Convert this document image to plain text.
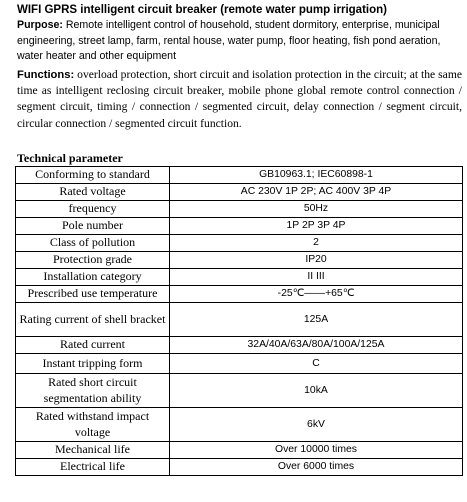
WIFI GPRS intelligent circuit breaker (remote water pump irrigation)
Purpose: Remote intelligent control of household, student dormitory, enterprise, municipal engineering, street lamp, farm, rental house, water pump, floor heating, fish pond aeration, water heater and other equipment
Functions: overload protection, short circuit and isolation protection in the circuit; at the same time as intelligent reclosing circuit breaker, mobile phone global remote control connection / segment circuit, timing / connection / segmented circuit, delay connection / segment circuit, circular connection / segmented circuit function.
Technical parameter
Conforming to standard	GB10963.1; IEC60898-1
Rated voltage	AC 230V 1P 2P; AC 400V 3P 4P
frequency	50Hz
Pole number	1P 2P 3P 4P
Class of pollution	2
Protection grade	IP20
Installation category	II III
Prescribed use temperature	-25℃——+65℃
Rating current of shell bracket	125A
Rated current	32A/40A/63A/80A/100A/125A
Instant tripping form	C
Rated short circuit segmentation ability	10kA
Rated withstand impact voltage	6kV
Mechanical life	Over 10000 times
Electrical life	Over 6000 times
